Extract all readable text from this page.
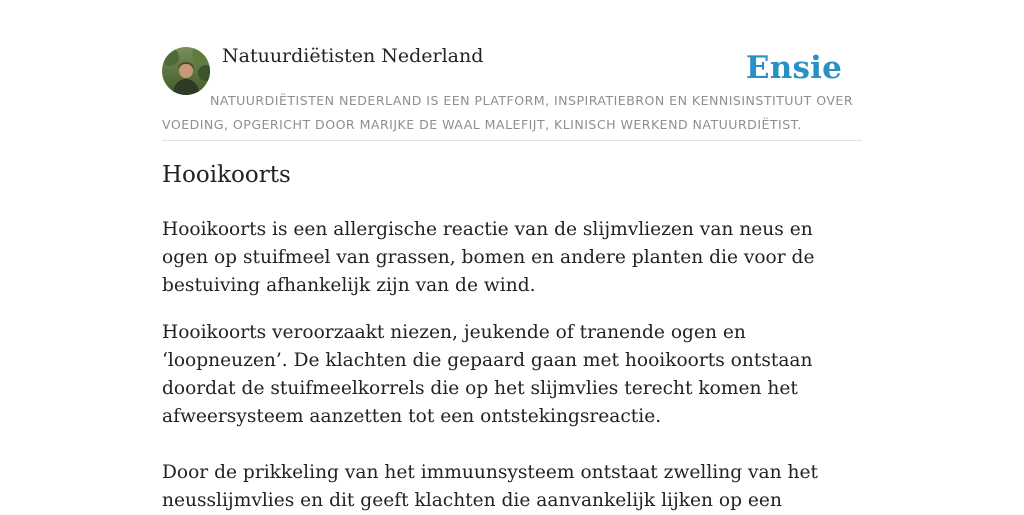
Natuurdiëtisten Nederland	Ensie

NATUURDIËTISTEN NEDERLAND IS EEN PLATFORM, INSPIRATIEBRON EN KENNISINSTITUUT OVER VOEDING, OPGERICHT DOOR MARIJKE DE WAAL MALEFIJT, KLINISCH WERKEND NATUURDIËTIST.

Hooikoorts

Hooikoorts is een allergische reactie van de slijmvliezen van neus en ogen op stuifmeel van grassen, bomen en andere planten die voor de bestuiving afhankelijk zijn van de wind.

Hooikoorts veroorzaakt niezen, jeukende of tranende ogen en ‘loopneuzen’. De klachten die gepaard gaan met hooikoorts ontstaan doordat de stuifmeelkorrels die op het slijmvlies terecht komen het afweersysteem aanzetten tot een ontstekingsreactie.

Door de prikkeling van het immuunsysteem ontstaat zwelling van het neusslijmvlies en dit geeft klachten die aanvankelijk lijken op een
